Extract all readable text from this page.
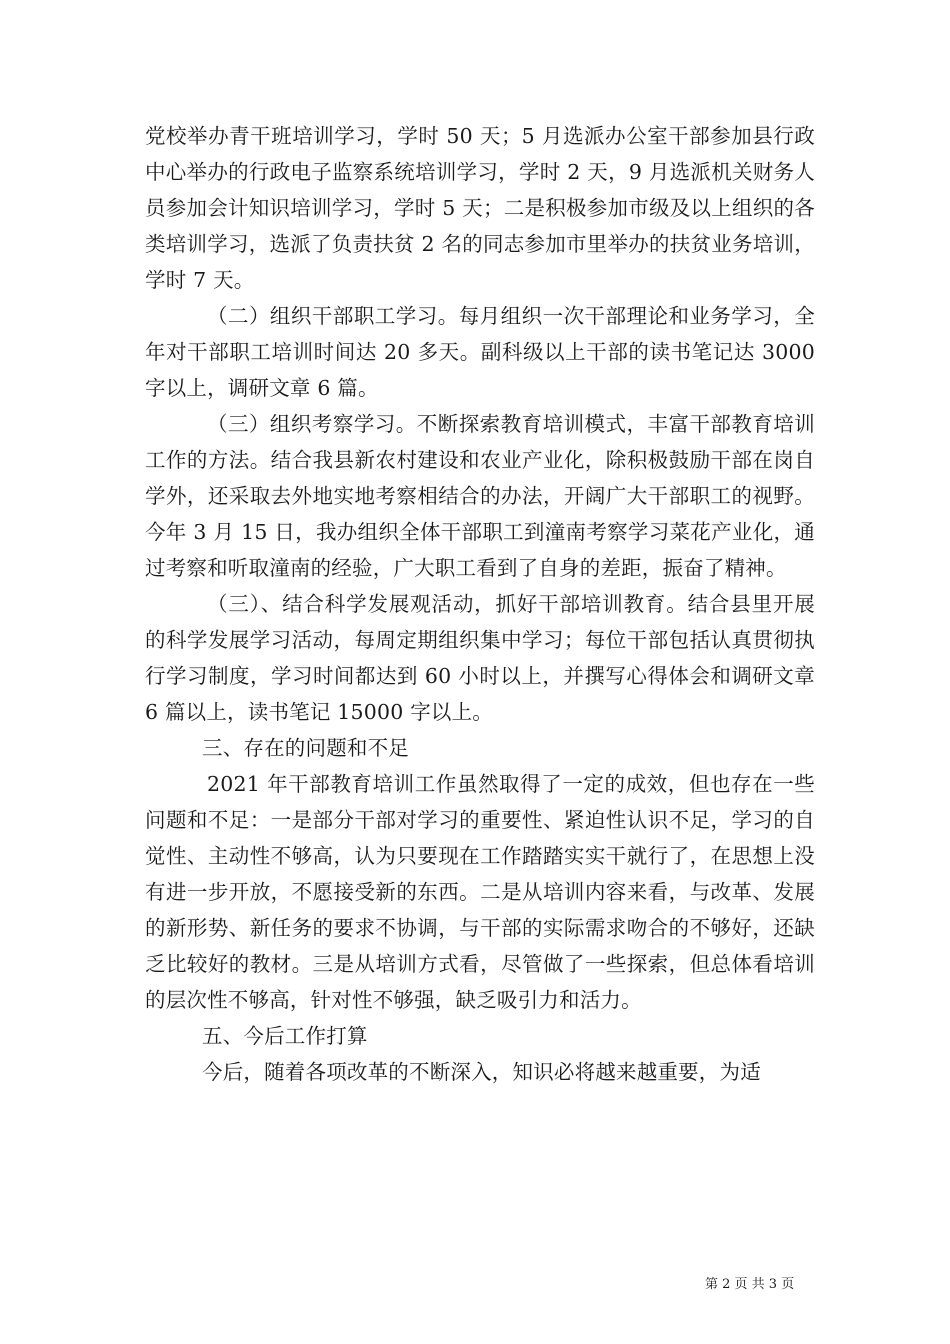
党校举办青干班培训学习，学时 50 天；5 月选派办公室干部参加县行政中心举办的行政电子监察系统培训学习，学时 2 天，9 月选派机关财务人员参加会计知识培训学习，学时 5 天；二是积极参加市级及以上组织的各类培训学习，选派了负责扶贫 2 名的同志参加市里举办的扶贫业务培训，学时 7 天。

（二）组织干部职工学习。每月组织一次干部理论和业务学习，全年对干部职工培训时间达 20 多天。副科级以上干部的读书笔记达 3000 字以上，调研文章 6 篇。

（三）组织考察学习。不断探索教育培训模式，丰富干部教育培训工作的方法。结合我县新农村建设和农业产业化，除积极鼓励干部在岗自学外，还采取去外地实地考察相结合的办法，开阔广大干部职工的视野。今年 3 月 15 日，我办组织全体干部职工到潼南考察学习菜花产业化，通过考察和听取潼南的经验，广大职工看到了自身的差距，振奋了精神。

（三）、结合科学发展观活动，抓好干部培训教育。结合县里开展的科学发展学习活动，每周定期组织集中学习；每位干部包括认真贯彻执行学习制度，学习时间都达到 60 小时以上，并撰写心得体会和调研文章 6 篇以上，读书笔记 15000 字以上。

三、存在的问题和不足

2021 年干部教育培训工作虽然取得了一定的成效，但也存在一些问题和不足：一是部分干部对学习的重要性、紧迫性认识不足，学习的自觉性、主动性不够高，认为只要现在工作踏踏实实干就行了，在思想上没有进一步开放，不愿接受新的东西。二是从培训内容来看，与改革、发展的新形势、新任务的要求不协调，与干部的实际需求吻合的不够好，还缺乏比较好的教材。三是从培训方式看，尽管做了一些探索，但总体看培训的层次性不够高，针对性不够强，缺乏吸引力和活力。

五、今后工作打算

今后，随着各项改革的不断深入，知识必将越来越重要，为适

第 2 页 共 3 页
